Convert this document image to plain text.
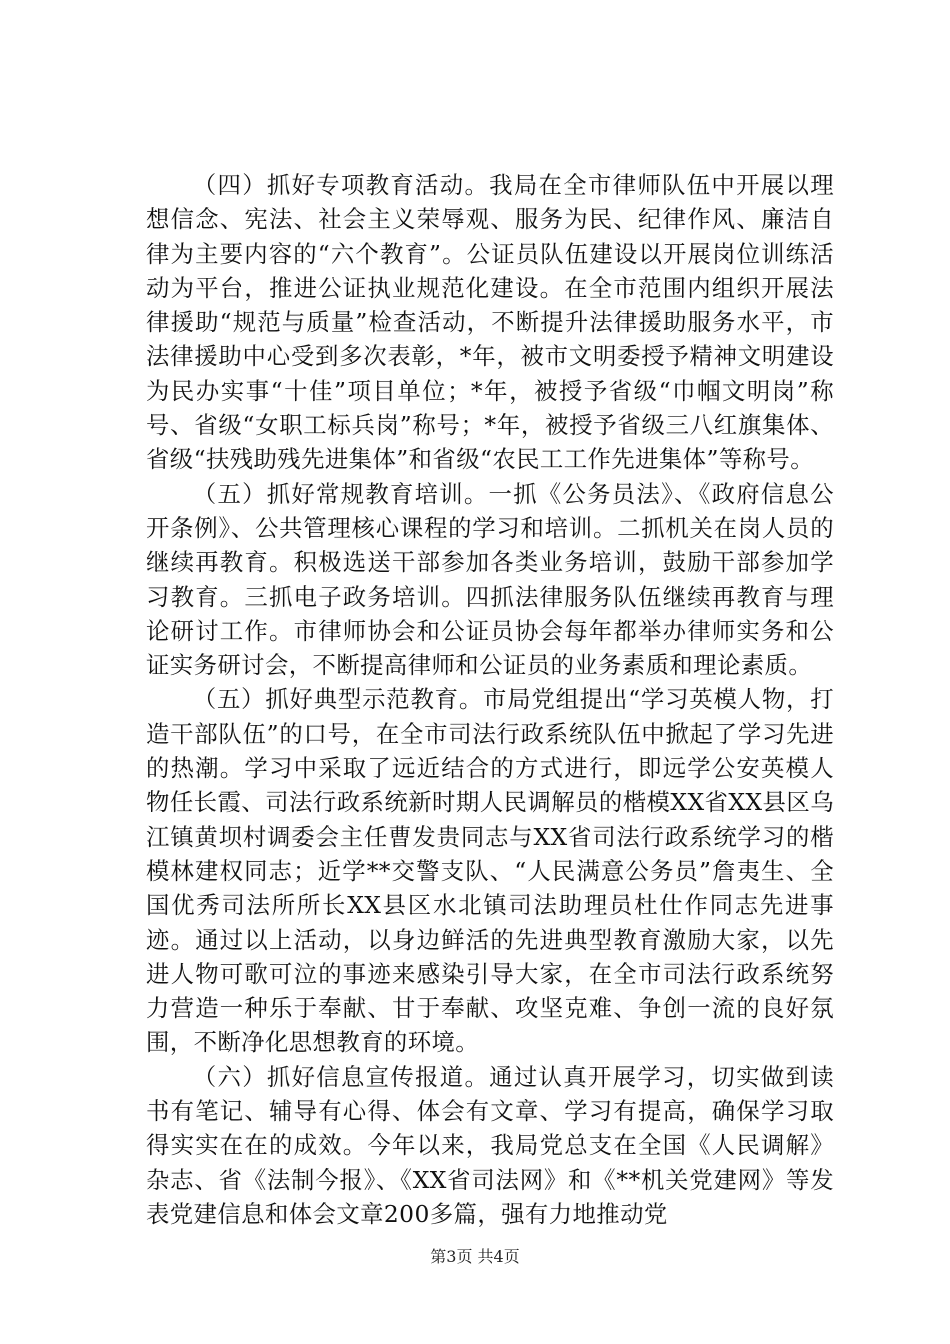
（四）抓好专项教育活动。我局在全市律师队伍中开展以理想信念、宪法、社会主义荣辱观、服务为民、纪律作风、廉洁自律为主要内容的“六个教育”。公证员队伍建设以开展岗位训练活动为平台，推进公证执业规范化建设。在全市范围内组织开展法律援助“规范与质量”检查活动，不断提升法律援助服务水平，市法律援助中心受到多次表彰，*年，被市文明委授予精神文明建设为民办实事“十佳”项目单位；*年，被授予省级“巾帼文明岗”称号、省级“女职工标兵岗”称号；*年，被授予省级三八红旗集体、省级“扶残助残先进集体”和省级“农民工工作先进集体”等称号。

（五）抓好常规教育培训。一抓《公务员法》、《政府信息公开条例》、公共管理核心课程的学习和培训。二抓机关在岗人员的继续再教育。积极选送干部参加各类业务培训，鼓励干部参加学习教育。三抓电子政务培训。四抓法律服务队伍继续再教育与理论研讨工作。市律师协会和公证员协会每年都举办律师实务和公证实务研讨会，不断提高律师和公证员的业务素质和理论素质。

（五）抓好典型示范教育。市局党组提出“学习英模人物，打造干部队伍”的口号，在全市司法行政系统队伍中掀起了学习先进的热潮。学习中采取了远近结合的方式进行，即远学公安英模人物任长霞、司法行政系统新时期人民调解员的楷模XX省XX县区乌江镇黄坝村调委会主任曹发贵同志与XX省司法行政系统学习的楷模林建权同志；近学**交警支队、“人民满意公务员”詹夷生、全国优秀司法所所长XX县区水北镇司法助理员杜仕作同志先进事迹。通过以上活动，以身边鲜活的先进典型教育激励大家，以先进人物可歌可泣的事迹来感染引导大家，在全市司法行政系统努力营造一种乐于奉献、甘于奉献、攻坚克难、争创一流的良好氛围，不断净化思想教育的环境。

（六）抓好信息宣传报道。通过认真开展学习，切实做到读书有笔记、辅导有心得、体会有文章、学习有提高，确保学习取得实实在在的成效。今年以来，我局党总支在全国《人民调解》杂志、省《法制今报》、《XX省司法网》和《**机关党建网》等发表党建信息和体会文章200多篇，强有力地推动党

第3页 共4页
